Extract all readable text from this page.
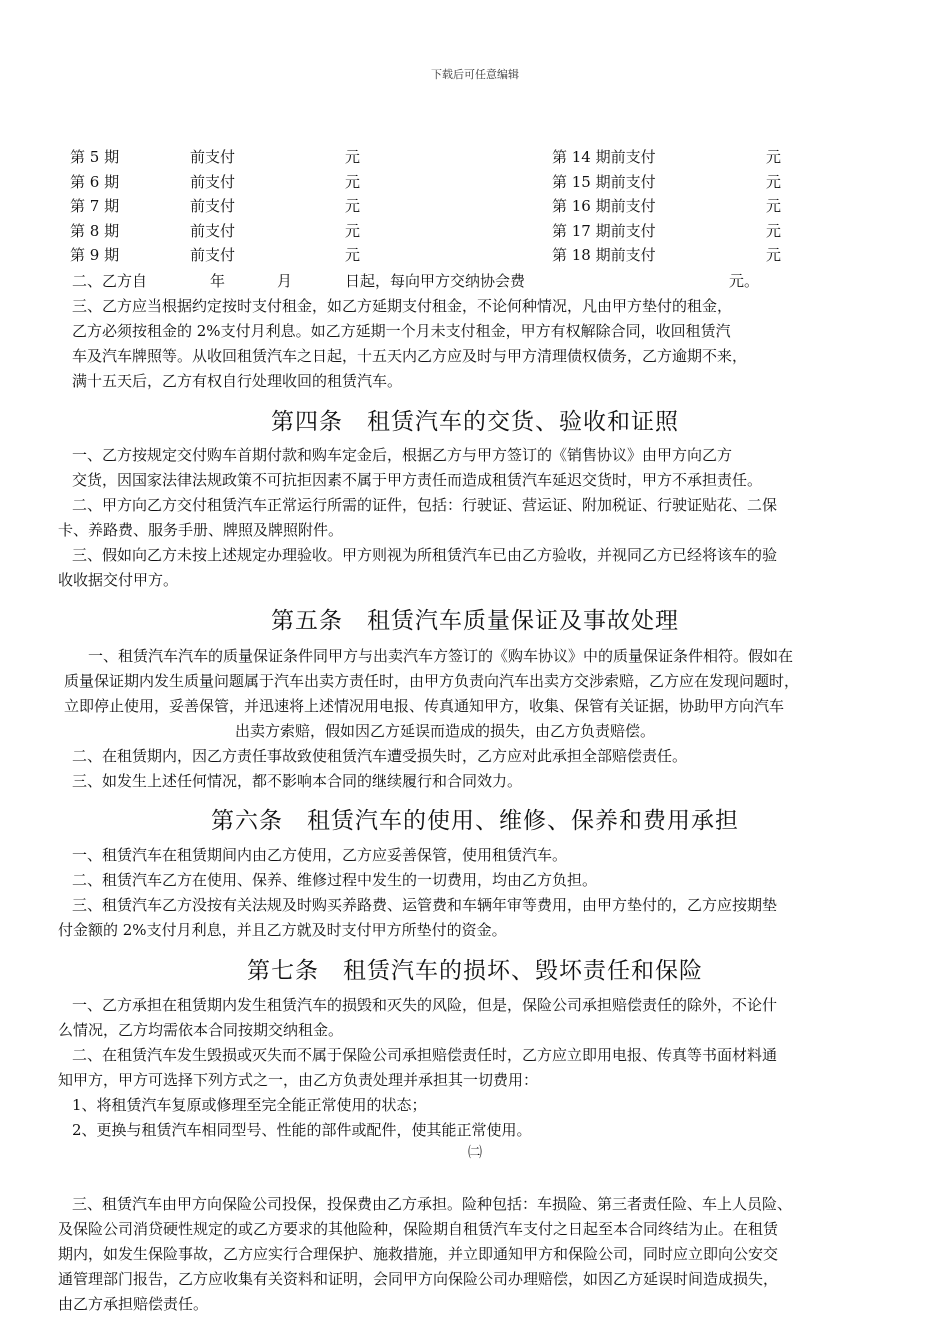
下载后可任意编辑
第 5 期	前支付	元	第 14 期前支付	元
第 6 期	前支付	元	第 15 期前支付	元
第 7 期	前支付	元	第 16 期前支付	元
第 8 期	前支付	元	第 17 期前支付	元
第 9 期	前支付	元	第 18 期前支付	元
二、乙方自	年	月	日起，每向甲方交纳协会费	元。
三、乙方应当根据约定按时支付租金，如乙方延期支付租金，不论何种情况，凡由甲方垫付的租金，
乙方必须按租金的 2%支付月利息。如乙方延期一个月未支付租金，甲方有权解除合同，收回租赁汽
车及汽车牌照等。从收回租赁汽车之日起，十五天内乙方应及时与甲方清理债权债务，乙方逾期不来，
满十五天后，乙方有权自行处理收回的租赁汽车。
第四条　租赁汽车的交货、验收和证照
一、乙方按规定交付购车首期付款和购车定金后，根据乙方与甲方签订的《销售协议》由甲方向乙方
交货，因国家法律法规政策不可抗拒因素不属于甲方责任而造成租赁汽车延迟交货时，甲方不承担责任。
二、甲方向乙方交付租赁汽车正常运行所需的证件，包括：行驶证、营运证、附加税证、行驶证贴花、二保
卡、养路费、服务手册、牌照及牌照附件。
三、假如向乙方未按上述规定办理验收。甲方则视为所租赁汽车已由乙方验收，并视同乙方已经将该车的验
收收据交付甲方。
第五条　租赁汽车质量保证及事故处理
一、租赁汽车汽车的质量保证条件同甲方与出卖汽车方签订的《购车协议》中的质量保证条件相符。假如在
质量保证期内发生质量问题属于汽车出卖方责任时，由甲方负责向汽车出卖方交涉索赔，乙方应在发现问题时，
立即停止使用，妥善保管，并迅速将上述情况用电报、传真通知甲方，收集、保管有关证据，协助甲方向汽车
出卖方索赔，假如因乙方延误而造成的损失，由乙方负责赔偿。
二、在租赁期内，因乙方责任事故致使租赁汽车遭受损失时，乙方应对此承担全部赔偿责任。
三、如发生上述任何情况，都不影响本合同的继续履行和合同效力。
第六条　租赁汽车的使用、维修、保养和费用承担
一、租赁汽车在租赁期间内由乙方使用，乙方应妥善保管，使用租赁汽车。
二、租赁汽车乙方在使用、保养、维修过程中发生的一切费用，均由乙方负担。
三、租赁汽车乙方没按有关法规及时购买养路费、运管费和车辆年审等费用，由甲方垫付的，乙方应按期垫
付金额的 2%支付月利息，并且乙方就及时支付甲方所垫付的资金。
第七条　租赁汽车的损坏、毁坏责任和保险
一、乙方承担在租赁期内发生租赁汽车的损毁和灭失的风险，但是，保险公司承担赔偿责任的除外，不论什
么情况，乙方均需依本合同按期交纳租金。
二、在租赁汽车发生毁损或灭失而不属于保险公司承担赔偿责任时，乙方应立即用电报、传真等书面材料通
知甲方，甲方可选择下列方式之一，由乙方负责处理并承担其一切费用：
1、将租赁汽车复原或修理至完全能正常使用的状态；
2、更换与租赁汽车相同型号、性能的部件或配件，使其能正常使用。
㈡
三、租赁汽车由甲方向保险公司投保，投保费由乙方承担。险种包括：车损险、第三者责任险、车上人员险、
及保险公司消贷硬性规定的或乙方要求的其他险种，保险期自租赁汽车支付之日起至本合同终结为止。在租赁
期内，如发生保险事故，乙方应实行合理保护、施救措施，并立即通知甲方和保险公司，同时应立即向公安交
通管理部门报告，乙方应收集有关资料和证明，会同甲方向保险公司办理赔偿，如因乙方延误时间造成损失，
由乙方承担赔偿责任。
